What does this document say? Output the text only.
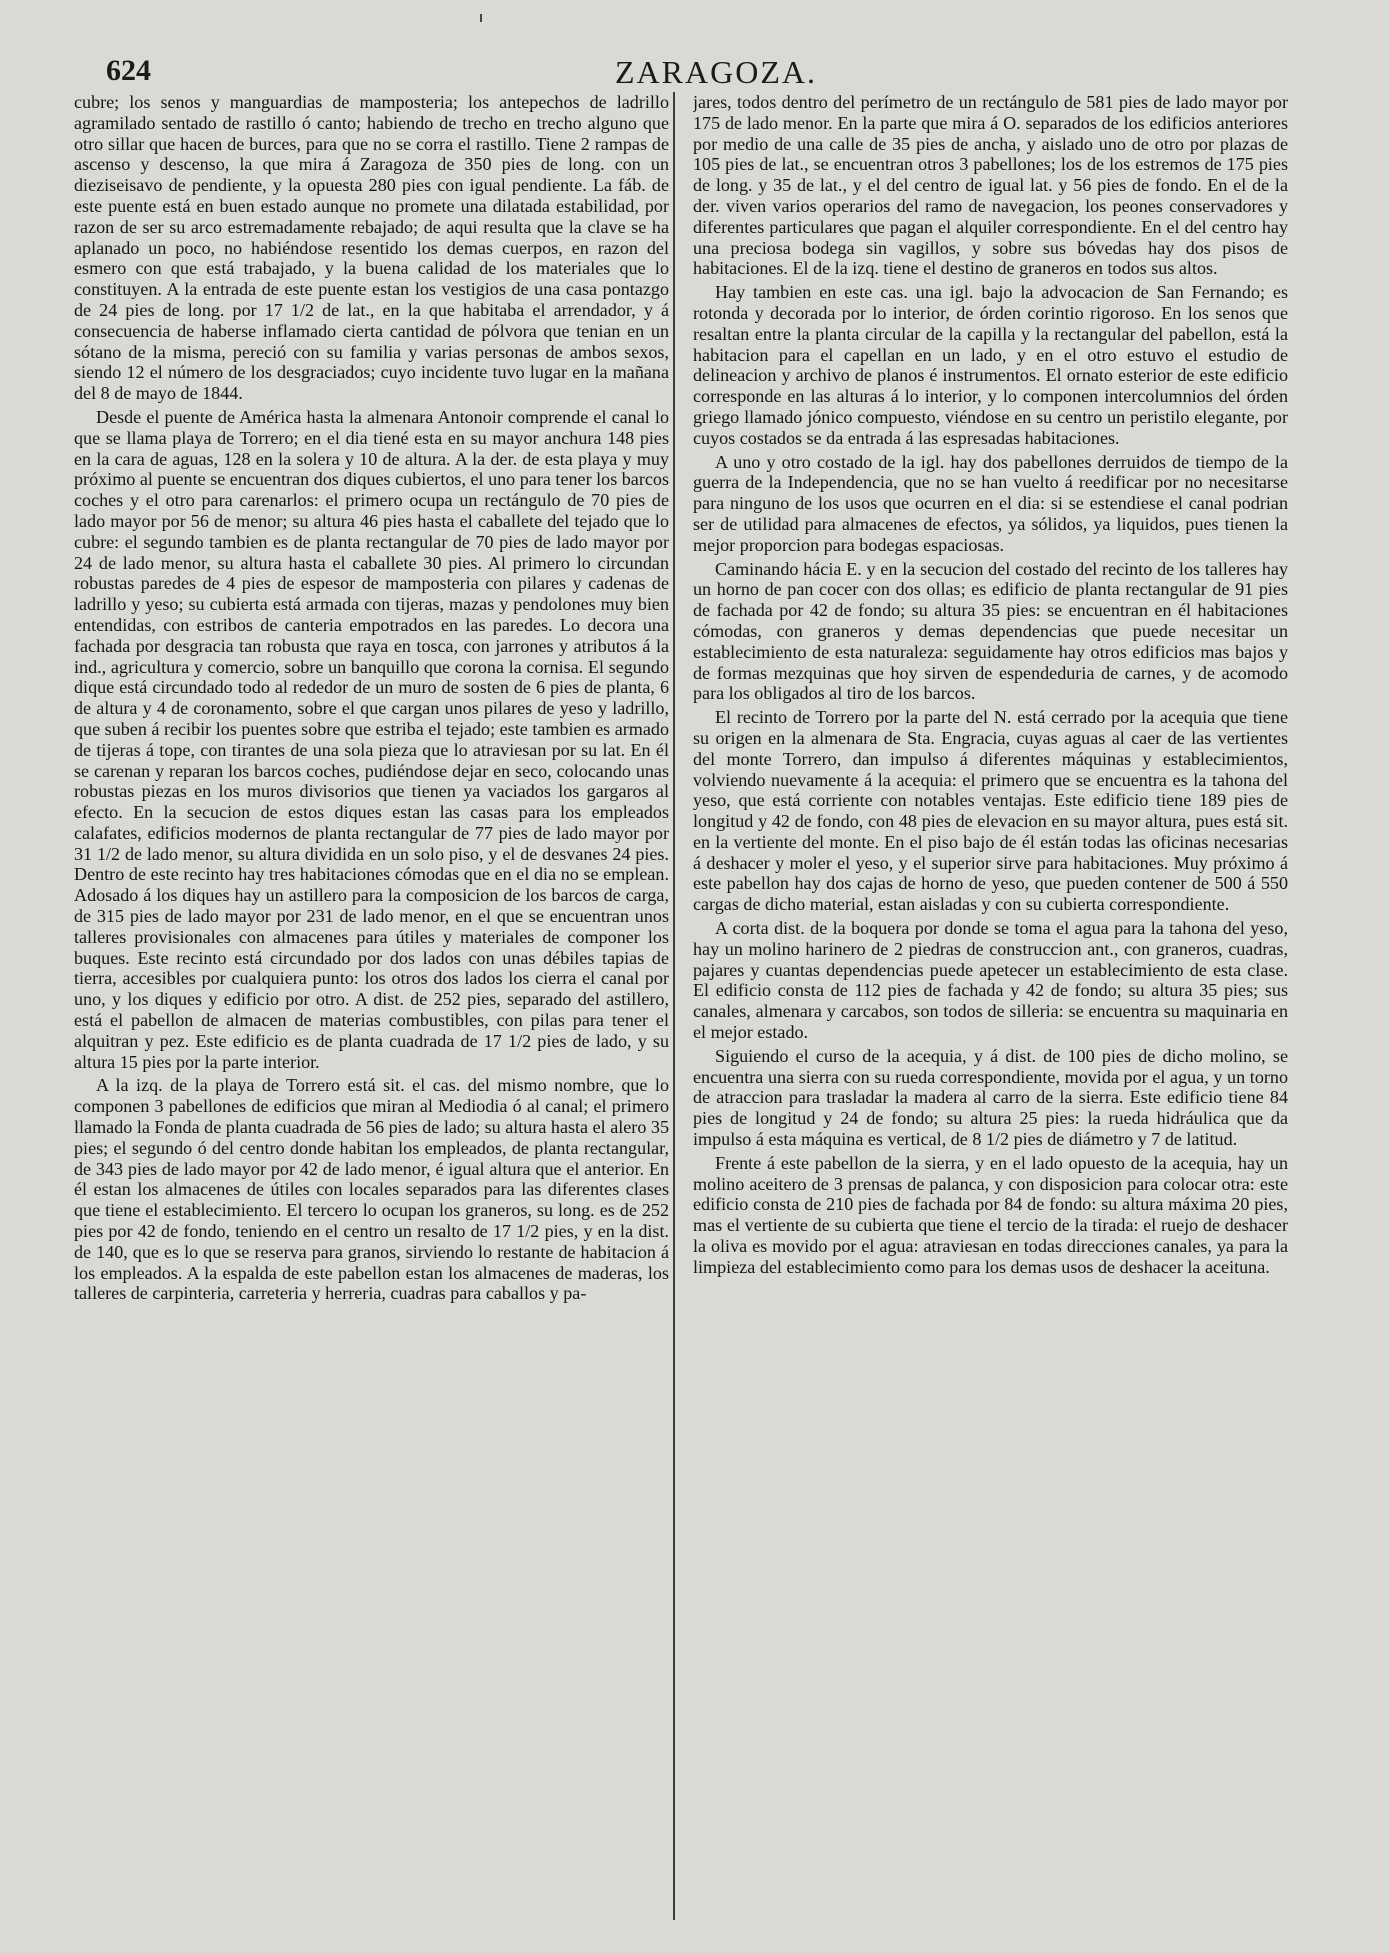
624	ZARAGOZA.

cubre; los senos y manguardias de mamposteria; los antepechos de ladrillo agramilado sentado de rastillo ó canto; habiendo de trecho en trecho alguno que otro sillar que hacen de burces, para que no se corra el rastillo. Tiene 2 rampas de ascenso y descenso, la que mira á Zaragoza de 350 pies de long. con un dieziseisavo de pendiente, y la opuesta 280 pies con igual pendiente. La fáb. de este puente está en buen estado aunque no promete una dilatada estabilidad, por razon de ser su arco estremadamente rebajado; de aqui resulta que la clave se ha aplanado un poco, no habiéndose resentido los demas cuerpos, en razon del esmero con que está trabajado, y la buena calidad de los materiales que lo constituyen. A la entrada de este puente estan los vestigios de una casa pontazgo de 24 pies de long. por 17 1/2 de lat., en la que habitaba el arrendador, y á consecuencia de haberse inflamado cierta cantidad de pólvora que tenian en un sótano de la misma, pereció con su familia y varias personas de ambos sexos, siendo 12 el número de los desgraciados; cuyo incidente tuvo lugar en la mañana del 8 de mayo de 1844.

Desde el puente de América hasta la almenara Antonoir comprende el canal lo que se llama playa de Torrero; en el dia tiené esta en su mayor anchura 148 pies en la cara de aguas, 128 en la solera y 10 de altura. A la der. de esta playa y muy próximo al puente se encuentran dos diques cubiertos, el uno para tener los barcos coches y el otro para carenarlos: el primero ocupa un rectángulo de 70 pies de lado mayor por 56 de menor; su altura 46 pies hasta el caballete del tejado que lo cubre: el segundo tambien es de planta rectangular de 70 pies de lado mayor por 24 de lado menor, su altura hasta el caballete 30 pies. Al primero lo circundan robustas paredes de 4 pies de espesor de mamposteria con pilares y cadenas de ladrillo y yeso; su cubierta está armada con tijeras, mazas y pendolones muy bien entendidas, con estribos de canteria empotrados en las paredes. Lo decora una fachada por desgracia tan robusta que raya en tosca, con jarrones y atributos á la ind., agricultura y comercio, sobre un banquillo que corona la cornisa. El segundo dique está circundado todo al rededor de un muro de sosten de 6 pies de planta, 6 de altura y 4 de coronamento, sobre el que cargan unos pilares de yeso y ladrillo, que suben á recibir los puentes sobre que estriba el tejado; este tambien es armado de tijeras á tope, con tirantes de una sola pieza que lo atraviesan por su lat. En él se carenan y reparan los barcos coches, pudiéndose dejar en seco, colocando unas robustas piezas en los muros divisorios que tienen ya vaciados los gargaros al efecto. En la secucion de estos diques estan las casas para los empleados calafates, edificios modernos de planta rectangular de 77 pies de lado mayor por 31 1/2 de lado menor, su altura dividida en un solo piso, y el de desvanes 24 pies. Dentro de este recinto hay tres habitaciones cómodas que en el dia no se emplean. Adosado á los diques hay un astillero para la composicion de los barcos de carga, de 315 pies de lado mayor por 231 de lado menor, en el que se encuentran unos talleres provisionales con almacenes para útiles y materiales de componer los buques. Este recinto está circundado por dos lados con unas débiles tapias de tierra, accesibles por cualquiera punto: los otros dos lados los cierra el canal por uno, y los diques y edificio por otro. A dist. de 252 pies, separado del astillero, está el pabellon de almacen de materias combustibles, con pilas para tener el alquitran y pez. Este edificio es de planta cuadrada de 17 1/2 pies de lado, y su altura 15 pies por la parte interior.

A la izq. de la playa de Torrero está sit. el cas. del mismo nombre, que lo componen 3 pabellones de edificios que miran al Mediodia ó al canal; el primero llamado la Fonda de planta cuadrada de 56 pies de lado; su altura hasta el alero 35 pies; el segundo ó del centro donde habitan los empleados, de planta rectangular, de 343 pies de lado mayor por 42 de lado menor, é igual altura que el anterior. En él estan los almacenes de útiles con locales separados para las diferentes clases que tiene el establecimiento. El tercero lo ocupan los graneros, su long. es de 252 pies por 42 de fondo, teniendo en el centro un resalto de 17 1/2 pies, y en la dist. de 140, que es lo que se reserva para granos, sirviendo lo restante de habitacion á los empleados. A la espalda de este pabellon estan los almacenes de maderas, los talleres de carpinteria, carreteria y herreria, cuadras para caballos y pa-

jares, todos dentro del perímetro de un rectángulo de 581 pies de lado mayor por 175 de lado menor. En la parte que mira á O. separados de los edificios anteriores por medio de una calle de 35 pies de ancha, y aislado uno de otro por plazas de 105 pies de lat., se encuentran otros 3 pabellones; los de los estremos de 175 pies de long. y 35 de lat., y el del centro de igual lat. y 56 pies de fondo. En el de la der. viven varios operarios del ramo de navegacion, los peones conservadores y diferentes particulares que pagan el alquiler correspondiente. En el del centro hay una preciosa bodega sin vagillos, y sobre sus bóvedas hay dos pisos de habitaciones. El de la izq. tiene el destino de graneros en todos sus altos.

Hay tambien en este cas. una igl. bajo la advocacion de San Fernando; es rotonda y decorada por lo interior, de órden corintio rigoroso. En los senos que resaltan entre la planta circular de la capilla y la rectangular del pabellon, está la habitacion para el capellan en un lado, y en el otro estuvo el estudio de delineacion y archivo de planos é instrumentos. El ornato esterior de este edificio corresponde en las alturas á lo interior, y lo componen intercolumnios del órden griego llamado jónico compuesto, viéndose en su centro un peristilo elegante, por cuyos costados se da entrada á las espresadas habitaciones.

A uno y otro costado de la igl. hay dos pabellones derruidos de tiempo de la guerra de la Independencia, que no se han vuelto á reedificar por no necesitarse para ninguno de los usos que ocurren en el dia: si se estendiese el canal podrian ser de utilidad para almacenes de efectos, ya sólidos, ya liquidos, pues tienen la mejor proporcion para bodegas espaciosas.

Caminando hácia E. y en la secucion del costado del recinto de los talleres hay un horno de pan cocer con dos ollas; es edificio de planta rectangular de 91 pies de fachada por 42 de fondo; su altura 35 pies: se encuentran en él habitaciones cómodas, con graneros y demas dependencias que puede necesitar un establecimiento de esta naturaleza: seguidamente hay otros edificios mas bajos y de formas mezquinas que hoy sirven de espendeduria de carnes, y de acomodo para los obligados al tiro de los barcos.

El recinto de Torrero por la parte del N. está cerrado por la acequia que tiene su origen en la almenara de Sta. Engracia, cuyas aguas al caer de las vertientes del monte Torrero, dan impulso á diferentes máquinas y establecimientos, volviendo nuevamente á la acequia: el primero que se encuentra es la tahona del yeso, que está corriente con notables ventajas. Este edificio tiene 189 pies de longitud y 42 de fondo, con 48 pies de elevacion en su mayor altura, pues está sit. en la vertiente del monte. En el piso bajo de él están todas las oficinas necesarias á deshacer y moler el yeso, y el superior sirve para habitaciones. Muy próximo á este pabellon hay dos cajas de horno de yeso, que pueden contener de 500 á 550 cargas de dicho material, estan aisladas y con su cubierta correspondiente.

A corta dist. de la boquera por donde se toma el agua para la tahona del yeso, hay un molino harinero de 2 piedras de construccion ant., con graneros, cuadras, pajares y cuantas dependencias puede apetecer un establecimiento de esta clase. El edificio consta de 112 pies de fachada y 42 de fondo; su altura 35 pies; sus canales, almenara y carcabos, son todos de silleria: se encuentra su maquinaria en el mejor estado.

Siguiendo el curso de la acequia, y á dist. de 100 pies de dicho molino, se encuentra una sierra con su rueda correspondiente, movida por el agua, y un torno de atraccion para trasladar la madera al carro de la sierra. Este edificio tiene 84 pies de longitud y 24 de fondo; su altura 25 pies: la rueda hidráulica que da impulso á esta máquina es vertical, de 8 1/2 pies de diámetro y 7 de latitud.

Frente á este pabellon de la sierra, y en el lado opuesto de la acequia, hay un molino aceitero de 3 prensas de palanca, y con disposicion para colocar otra: este edificio consta de 210 pies de fachada por 84 de fondo: su altura máxima 20 pies, mas el vertiente de su cubierta que tiene el tercio de la tirada: el ruejo de deshacer la oliva es movido por el agua: atraviesan en todas direcciones canales, ya para la limpieza del establecimiento como para los demas usos de deshacer la aceituna.
